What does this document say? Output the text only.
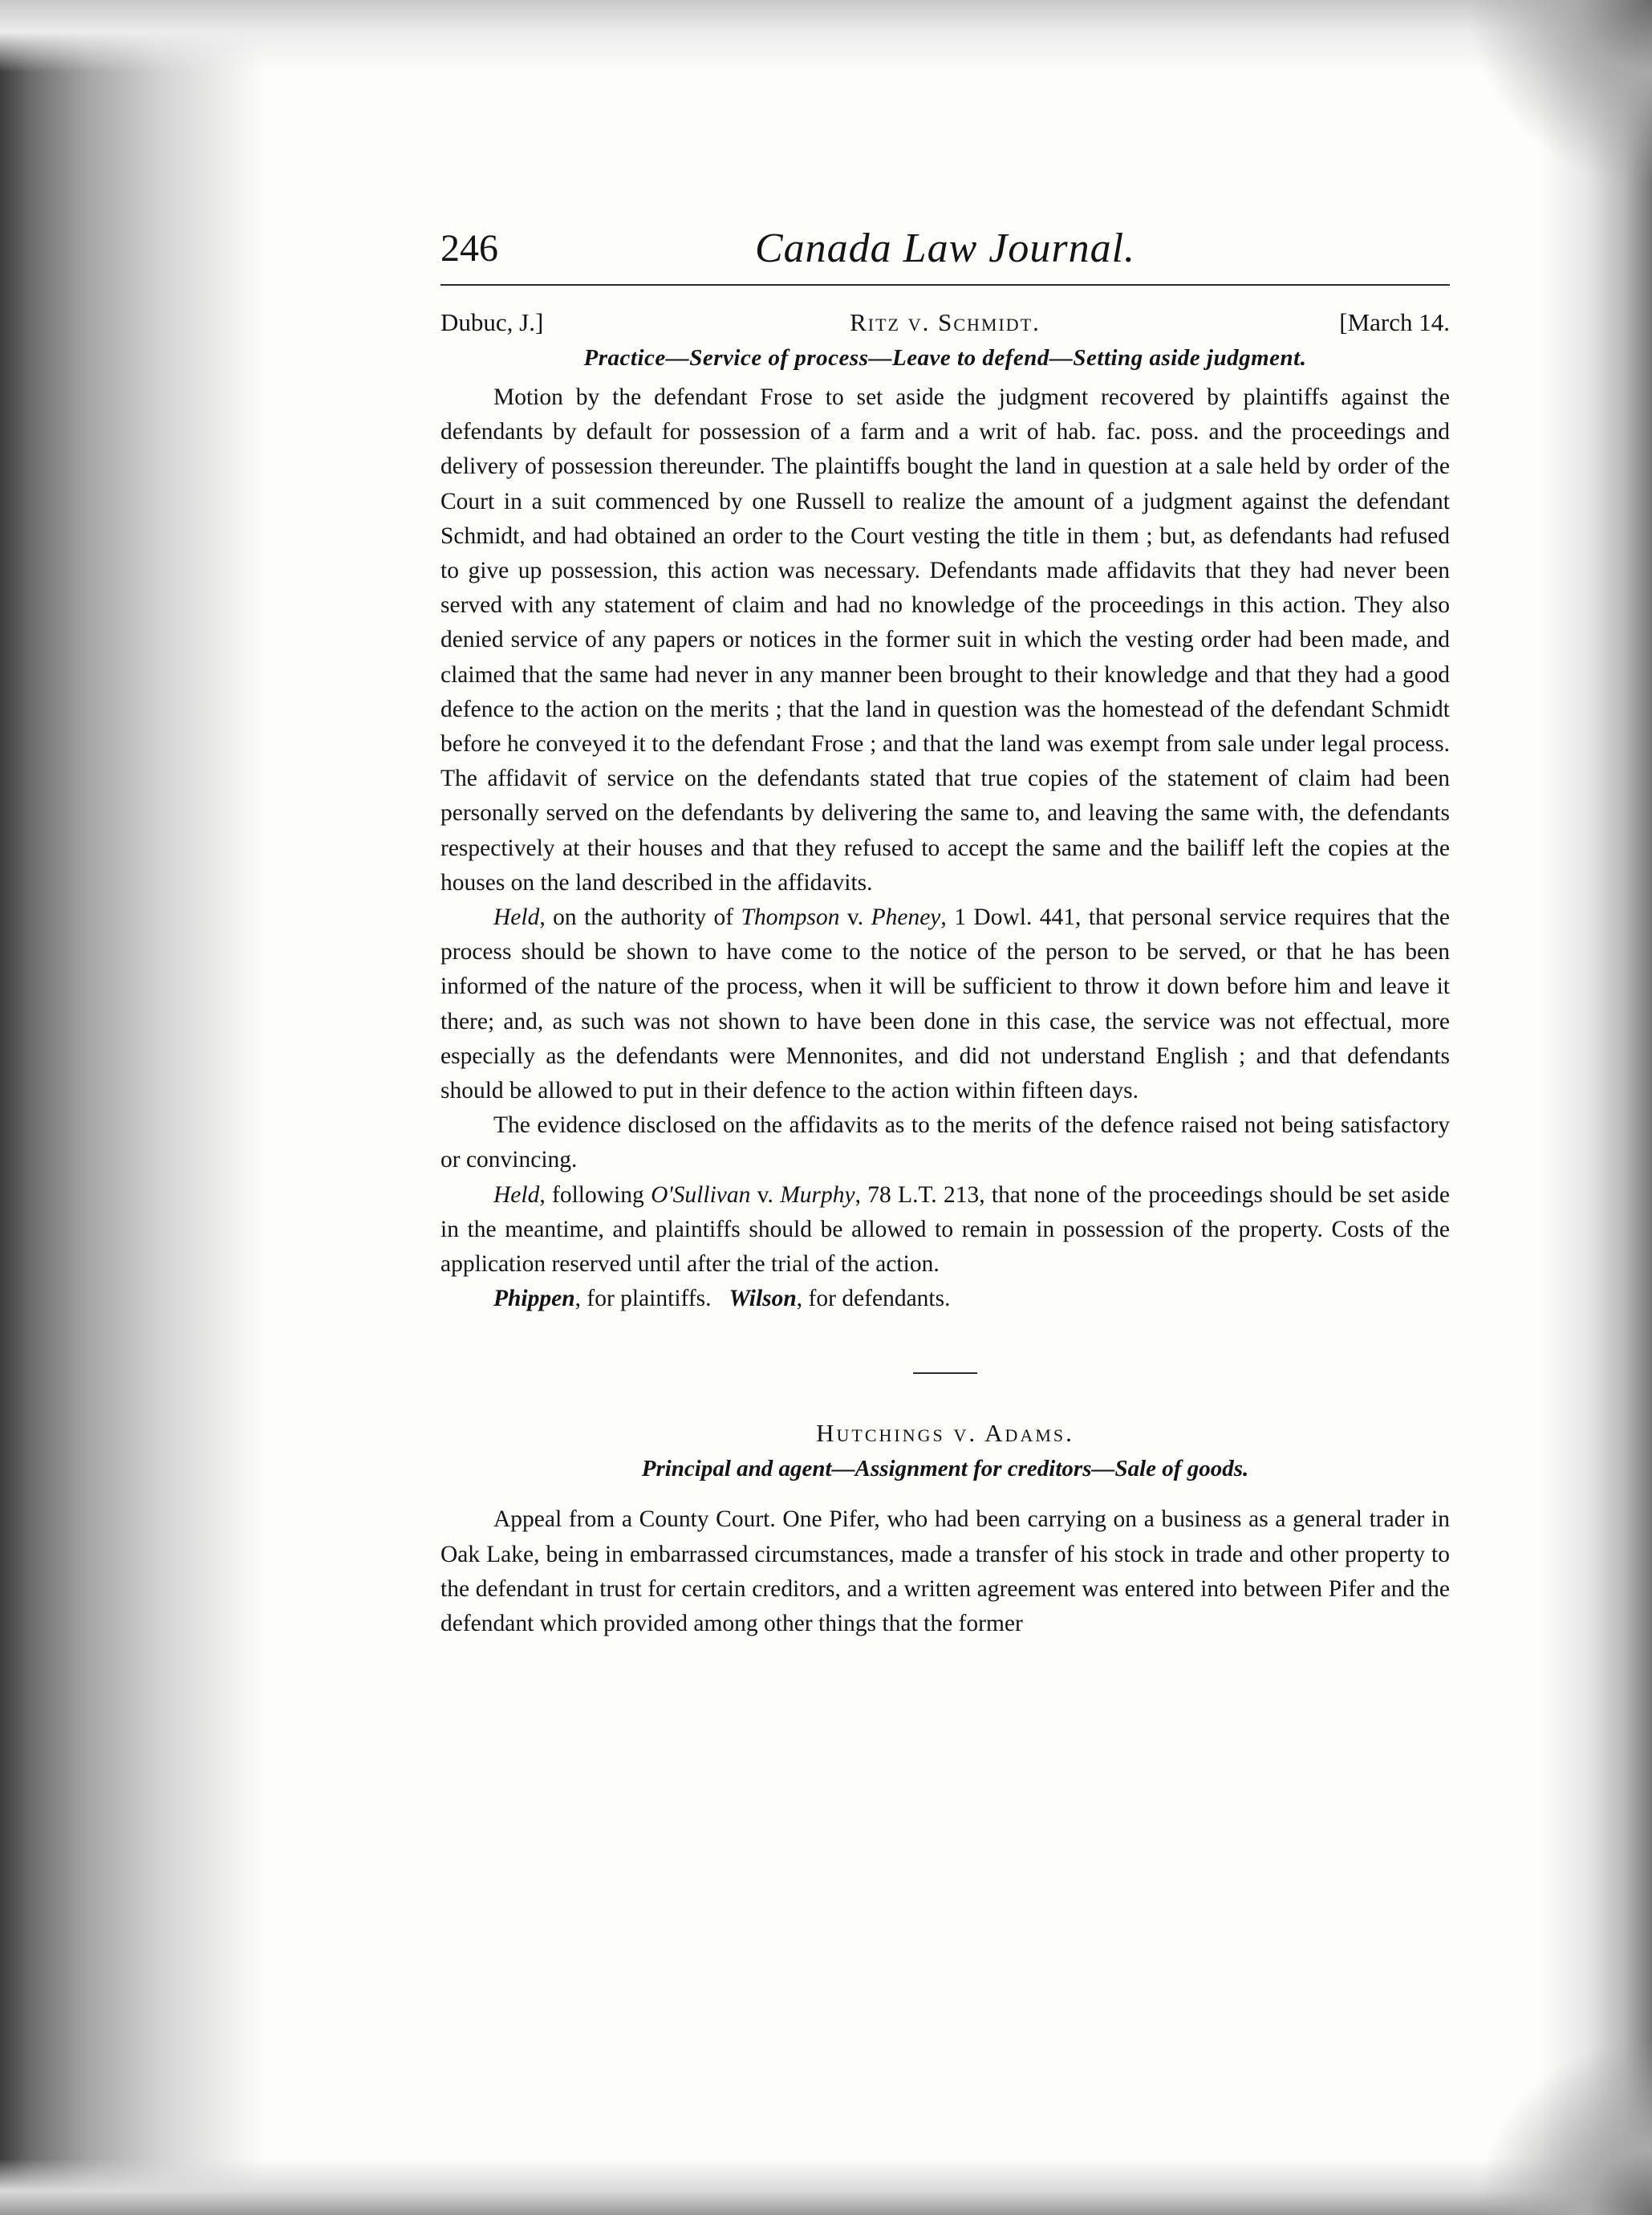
246	Canada Law Journal.
Dubuc, J.]	Ritz v. Schmidt.	[March 14.

Practice—Service of process—Leave to defend—Setting aside judgment.

Motion by the defendant Frose to set aside the judgment recovered by plaintiffs against the defendants by default for possession of a farm and a writ of hab. fac. poss. and the proceedings and delivery of possession thereunder. The plaintiffs bought the land in question at a sale held by order of the Court in a suit commenced by one Russell to realize the amount of a judgment against the defendant Schmidt, and had obtained an order to the Court vesting the title in them ; but, as defendants had refused to give up possession, this action was necessary. Defendants made affidavits that they had never been served with any statement of claim and had no knowledge of the proceedings in this action. They also denied service of any papers or notices in the former suit in which the vesting order had been made, and claimed that the same had never in any manner been brought to their knowledge and that they had a good defence to the action on the merits ; that the land in question was the homestead of the defendant Schmidt before he conveyed it to the defendant Frose ; and that the land was exempt from sale under legal process. The affidavit of service on the defendants stated that true copies of the statement of claim had been personally served on the defendants by delivering the same to, and leaving the same with, the defendants respectively at their houses and that they refused to accept the same and the bailiff left the copies at the houses on the land described in the affidavits.

Held, on the authority of Thompson v. Pheney, 1 Dowl. 441, that personal service requires that the process should be shown to have come to the notice of the person to be served, or that he has been informed of the nature of the process, when it will be sufficient to throw it down before him and leave it there; and, as such was not shown to have been done in this case, the service was not effectual, more especially as the defendants were Mennonites, and did not understand English ; and that defendants should be allowed to put in their defence to the action within fifteen days.

The evidence disclosed on the affidavits as to the merits of the defence raised not being satisfactory or convincing.

Held, following O'Sullivan v. Murphy, 78 L.T. 213, that none of the proceedings should be set aside in the meantime, and plaintiffs should be allowed to remain in possession of the property. Costs of the application reserved until after the trial of the action.

Phippen, for plaintiffs. Wilson, for defendants.

Hutchings v. Adams.

Principal and agent—Assignment for creditors—Sale of goods.

Appeal from a County Court. One Pifer, who had been carrying on a business as a general trader in Oak Lake, being in embarrassed circumstances, made a transfer of his stock in trade and other property to the defendant in trust for certain creditors, and a written agreement was entered into between Pifer and the defendant which provided among other things that the former
